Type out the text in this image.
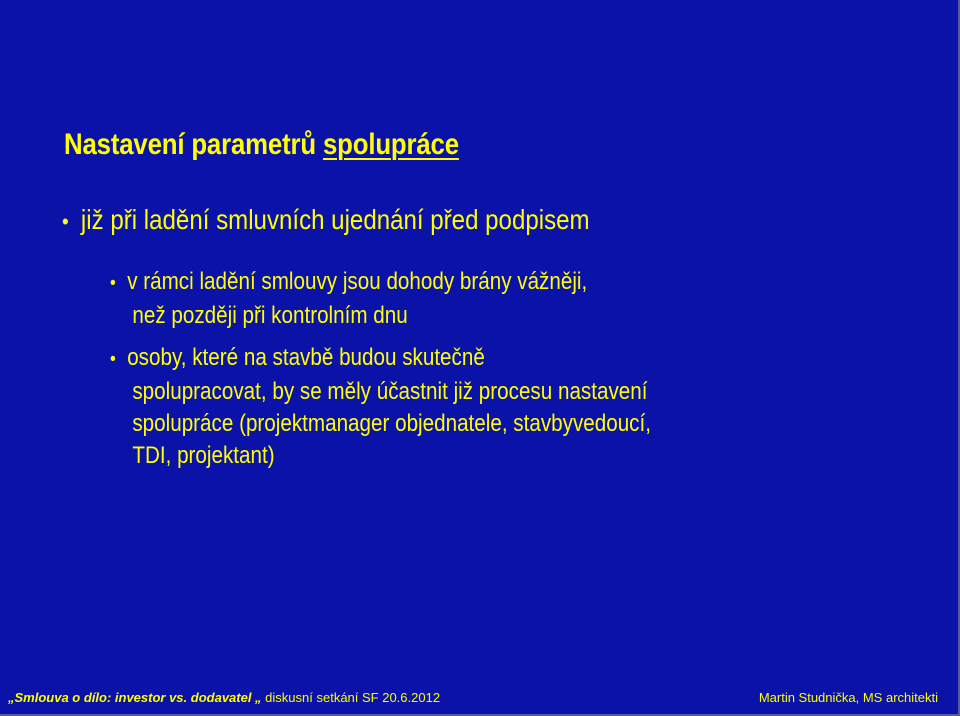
Nastavení parametrů spolupráce
• již při ladění smluvních ujednání před podpisem
• v rámci ladění smlouvy jsou dohody brány vážněji,
než později při kontrolním dnu
• osoby, které na stavbě budou skutečně
spolupracovat, by se měly účastnit již procesu nastavení
spolupráce (projektmanager objednatele, stavbyvedoucí,
TDI, projektant)
„Smlouva o dílo: investor vs. dodavatel „ diskusní setkání SF 20.6.2012	Martin Studnička, MS architekti
